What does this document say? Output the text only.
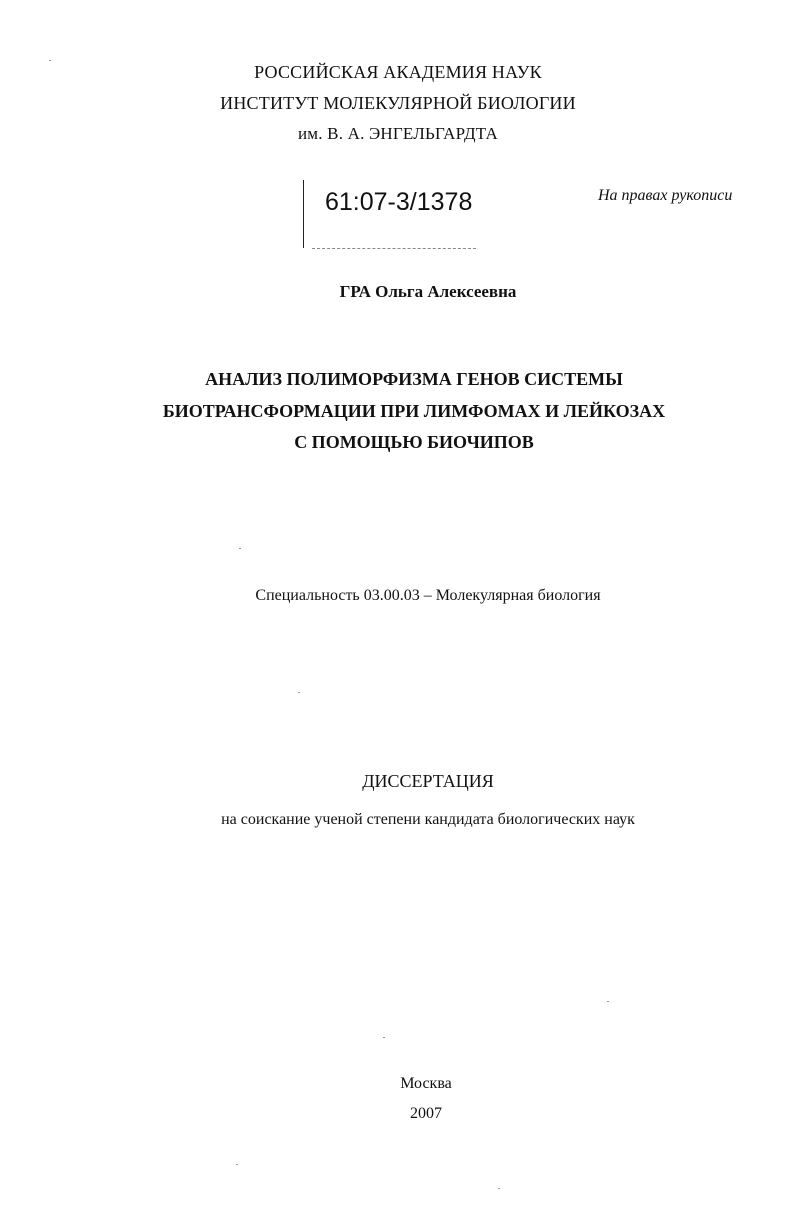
РОССИЙСКАЯ АКАДЕМИЯ НАУК
ИНСТИТУТ МОЛЕКУЛЯРНОЙ БИОЛОГИИ
им. В. А. ЭНГЕЛЬГАРДТА
61:07-3/1378	На правах рукописи
ГРА Ольга Алексеевна
АНАЛИЗ ПОЛИМОРФИЗМА ГЕНОВ СИСТЕМЫ
БИОТРАНСФОРМАЦИИ ПРИ ЛИМФОМАХ И ЛЕЙКОЗАХ
С ПОМОЩЬЮ БИОЧИПОВ
Специальность 03.00.03 – Молекулярная биология
ДИССЕРТАЦИЯ
на соискание ученой степени кандидата биологических наук
Москва
2007
